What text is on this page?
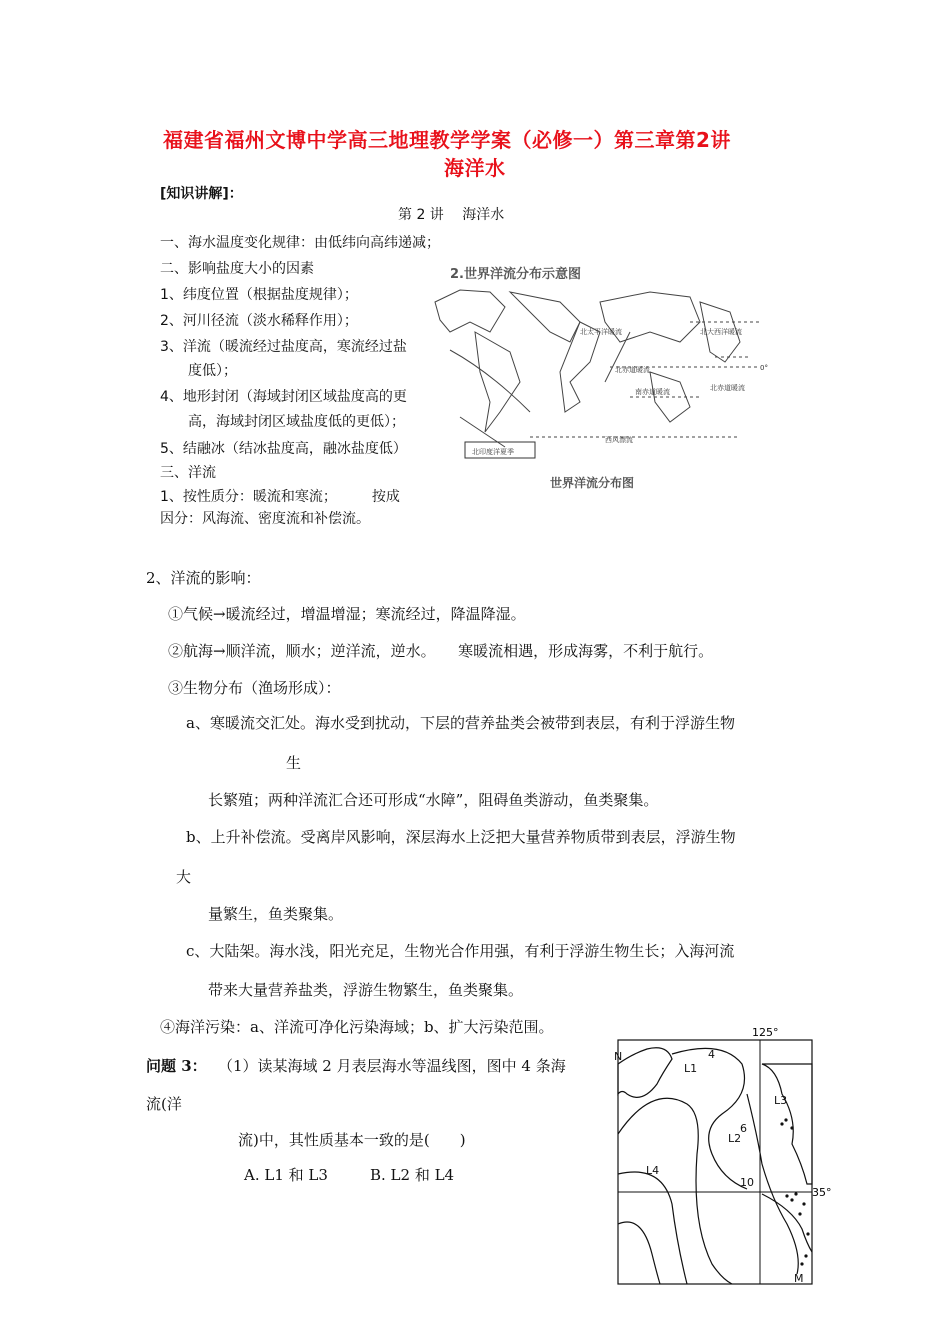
福建省福州文博中学高三地理教学学案（必修一）第三章第2讲
海洋水
[知识讲解]：
第 2 讲　 海洋水
一、海水温度变化规律：由低纬向高纬递减；
二、影响盐度大小的因素
1、纬度位置（根据盐度规律）；
2、河川径流（淡水稀释作用）；
3、洋流（暖流经过盐度高，寒流经过盐
　　度低）；
4、地形封闭（海域封闭区域盐度高的更
　　高，海域封闭区域盐度低的更低）；
5、结融冰（结冰盐度高，融冰盐度低）
三、洋流
1、按性质分：暖流和寒流；　　　按成
因分：风海流、密度流和补偿流。
2.世界洋流分布示意图
北大西洋暖流
北赤道暖流
北赤道暖流
南赤道暖流
西风漂流
北太平洋暖流
0°
北印度洋夏季
世界洋流分布图
2、洋流的影响：
①气候→暖流经过，增温增湿；寒流经过，降温降湿。
②航海→顺洋流，顺水；逆洋流，逆水。　　寒暖流相遇，形成海雾，不利于航行。
③生物分布（渔场形成）：
a、寒暖流交汇处。海水受到扰动，下层的营养盐类会被带到表层，有利于浮游生物
生
长繁殖；两种洋流汇合还可形成“水障”，阻碍鱼类游动，鱼类聚集。
b、上升补偿流。受离岸风影响，深层海水上泛把大量营养物质带到表层，浮游生物
大
量繁生，鱼类聚集。
c、大陆架。海水浅，阳光充足，生物光合作用强，有利于浮游生物生长；入海河流
带来大量营养盐类，浮游生物繁生，鱼类聚集。
④海洋污染：a、洋流可净化污染海域；b、扩大污染范围。
问题 3： （1）读某海域 2 月表层海水等温线图，图中 4 条海
流(洋
流)中，其性质基本一致的是(　　)
A. L1 和 L3	B. L2 和 L4
125°
35°
N
M
4
6
10
L1
L2
L3
L4
